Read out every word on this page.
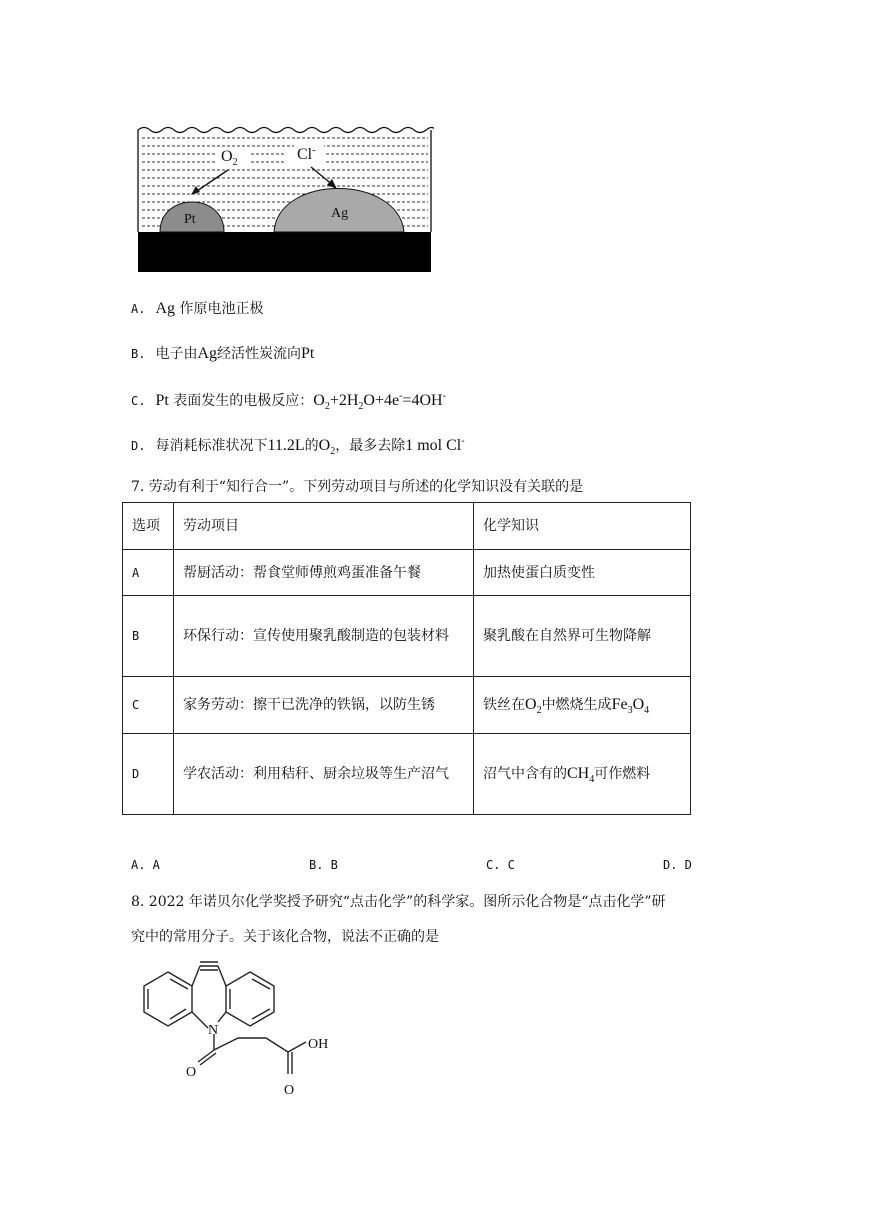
$O_2$	Cl-
Pt	Ag
A. Ag 作原电池正极
B. 电子由Ag经活性炭流向Pt
C. Pt 表面发生的电极反应：$O_2+2H_2O+4e^-=4OH^-$
D. 每消耗标准状况下11.2L的$O_2$，最多去除1 mol Cl-
7. 劳动有利于“知行合一”。下列劳动项目与所述的化学知识没有关联的是
选项	劳动项目	化学知识
A	帮厨活动：帮食堂师傅煎鸡蛋准备午餐	加热使蛋白质变性
B	环保行动：宣传使用聚乳酸制造的包装材料	聚乳酸在自然界可生物降解
C	家务劳动：擦干已洗净的铁锅，以防生锈	铁丝在$O_2$中燃烧生成$Fe_3O_4$
D	学农活动：利用秸秆、厨余垃圾等生产沼气	沼气中含有的$CH_4$可作燃料
A. A	B. B	C. C	D. D
8. 2022 年诺贝尔化学奖授予研究“点击化学”的科学家。图所示化合物是“点击化学”研
究中的常用分子。关于该化合物，说法不正确的是
N
O
OH
O
